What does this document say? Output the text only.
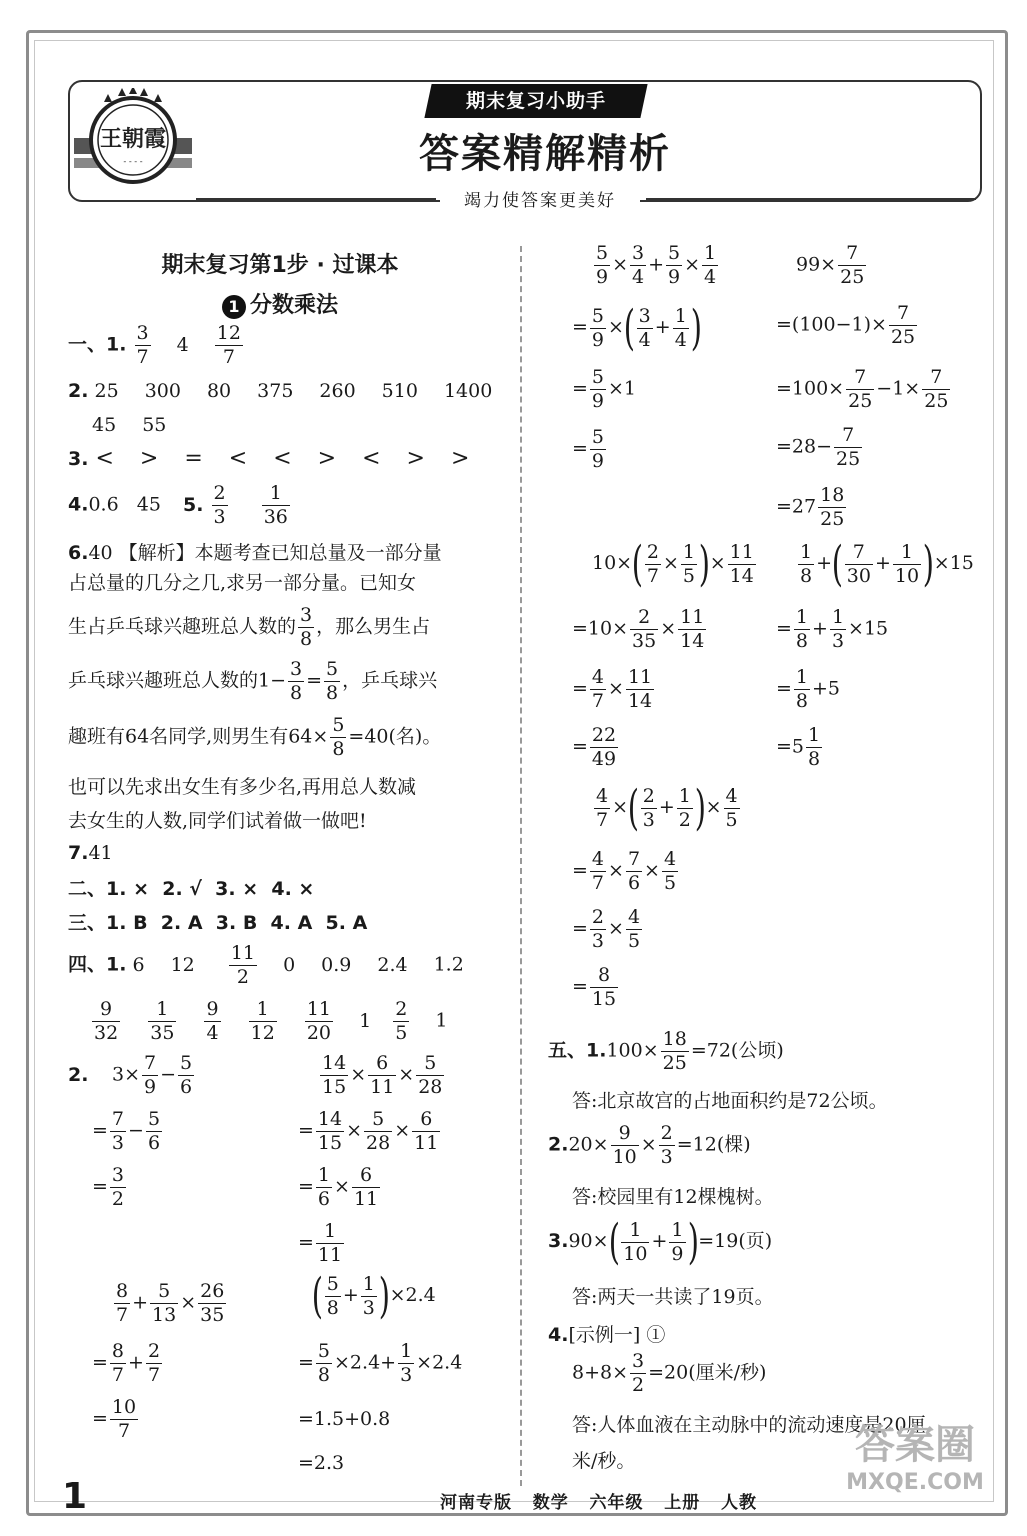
王朝霞
- - - -
期末复习小助手
答案精解精析
竭力使答案更美好
期末复习第1步 · 过课本
1 分数乘法
一、1. $\frac{3}{7} 4 \frac{12}{7}$
2. 25 300 80 375 260 510 1400
45 55
3. < > = < < > < > >
4.0.6   45 5. $\frac{2}{3}$
$\frac{1}{36}$
6.40 【解析】本题考查已知总量及一部分量
占总量的几分之几,求另一部分量。已知女
生占乒乓球兴趣班总人数的 $\frac{3}{8}$ ，那么男生占
乒乓球兴趣班总人数的$1- \frac{3}{8} = \frac{5}{8}$ ，乒乓球兴
趣班有64名同学,则男生有$64\times \frac{5}{8} =40$(名)。
也可以先求出女生有多少名,再用总人数减
去女生的人数,同学们试着做一做吧!
7.41
二、1. ×  2. √  3. ×  4. ×
三、1. B  2. A  3. B  4. A  5. A
四、1. 6 $12 \frac{11}{2} 0$ 0.9 2.4 1.2
$\frac{9}{32}$
$\frac{1}{35}$
$\frac{9}{4}$
$\frac{1}{12}$
$\frac{11}{20} 1 \frac{2}{5} 1$
2. $3\times \frac{7}{9} - \frac{5}{6}$
= $\frac{7}{3} - \frac{5}{6}$
= $\frac{3}{2}$
$\frac{14}{15} \times \frac{6}{11} \times \frac{5}{28}$
= $\frac{14}{15} \times \frac{5}{28} \times \frac{6}{11}$
= $\frac{1}{6} \times \frac{6}{11}$
= $\frac{1}{11}$
$\frac{8}{7} + \frac{5}{13} \times \frac{26}{35}$
= $\frac{8}{7} + \frac{2}{7}$
= $\frac{10}{7}$
( $\frac{5}{8} + \frac{1}{3} )\times 2.4$
= $\frac{5}{8} \times 2.4+ \frac{1}{3} \times 2.4$
=1.5+0.8
=2.3
$\frac{5}{9} \times \frac{3}{4} + \frac{5}{9} \times \frac{1}{4}$
= $\frac{5}{9}$ ×( $\frac{3}{4} + \frac{1}{4}$ )
= $\frac{5}{9} \times 1$
= $\frac{5}{9}$
$99\times \frac{7}{25}$
$=(100-1)\times \frac{7}{25}$
$=100\times \frac{7}{25} -1\times \frac{7}{25}$
$=28- \frac{7}{25}$
$=27 \frac{18}{25}$
$10\times( \frac{2}{7} \times \frac{1}{5}$ )× $\frac{11}{14}$
$=10\times \frac{2}{35} \times \frac{11}{14}$
= $\frac{4}{7} \times \frac{11}{14}$
= $\frac{22}{49}$
$\frac{1}{8}$ +( $\frac{7}{30} + \frac{1}{10} )\times 15$
= $\frac{1}{8} + \frac{1}{3} \times 15$
= $\frac{1}{8} +5$
$=5 \frac{1}{8}$
$\frac{4}{7}$ ×( $\frac{2}{3} + \frac{1}{2}$ )× $\frac{4}{5}$
= $\frac{4}{7} \times \frac{7}{6} \times \frac{4}{5}$
= $\frac{2}{3} \times \frac{4}{5}$
= $\frac{8}{15}$
五、$1.100\times \frac{18}{25} =72$(公顷)
答:北京故宫的占地面积约是72公顷。
$2.20\times \frac{9}{10} \times \frac{2}{3} =12$(棵)
答:校园里有12棵槐树。
$3.90\times( \frac{1}{10} + \frac{1}{9} )=19$(页)
答:两天一共读了19页。
4.[示例一] ①
$8+8\times \frac{3}{2} =20$(厘米/秒)
答:人体血液在主动脉中的流动速度是20厘
米/秒。
1	河南专版   数学   六年级   上册   人教
答案圈
MXQE.COM
